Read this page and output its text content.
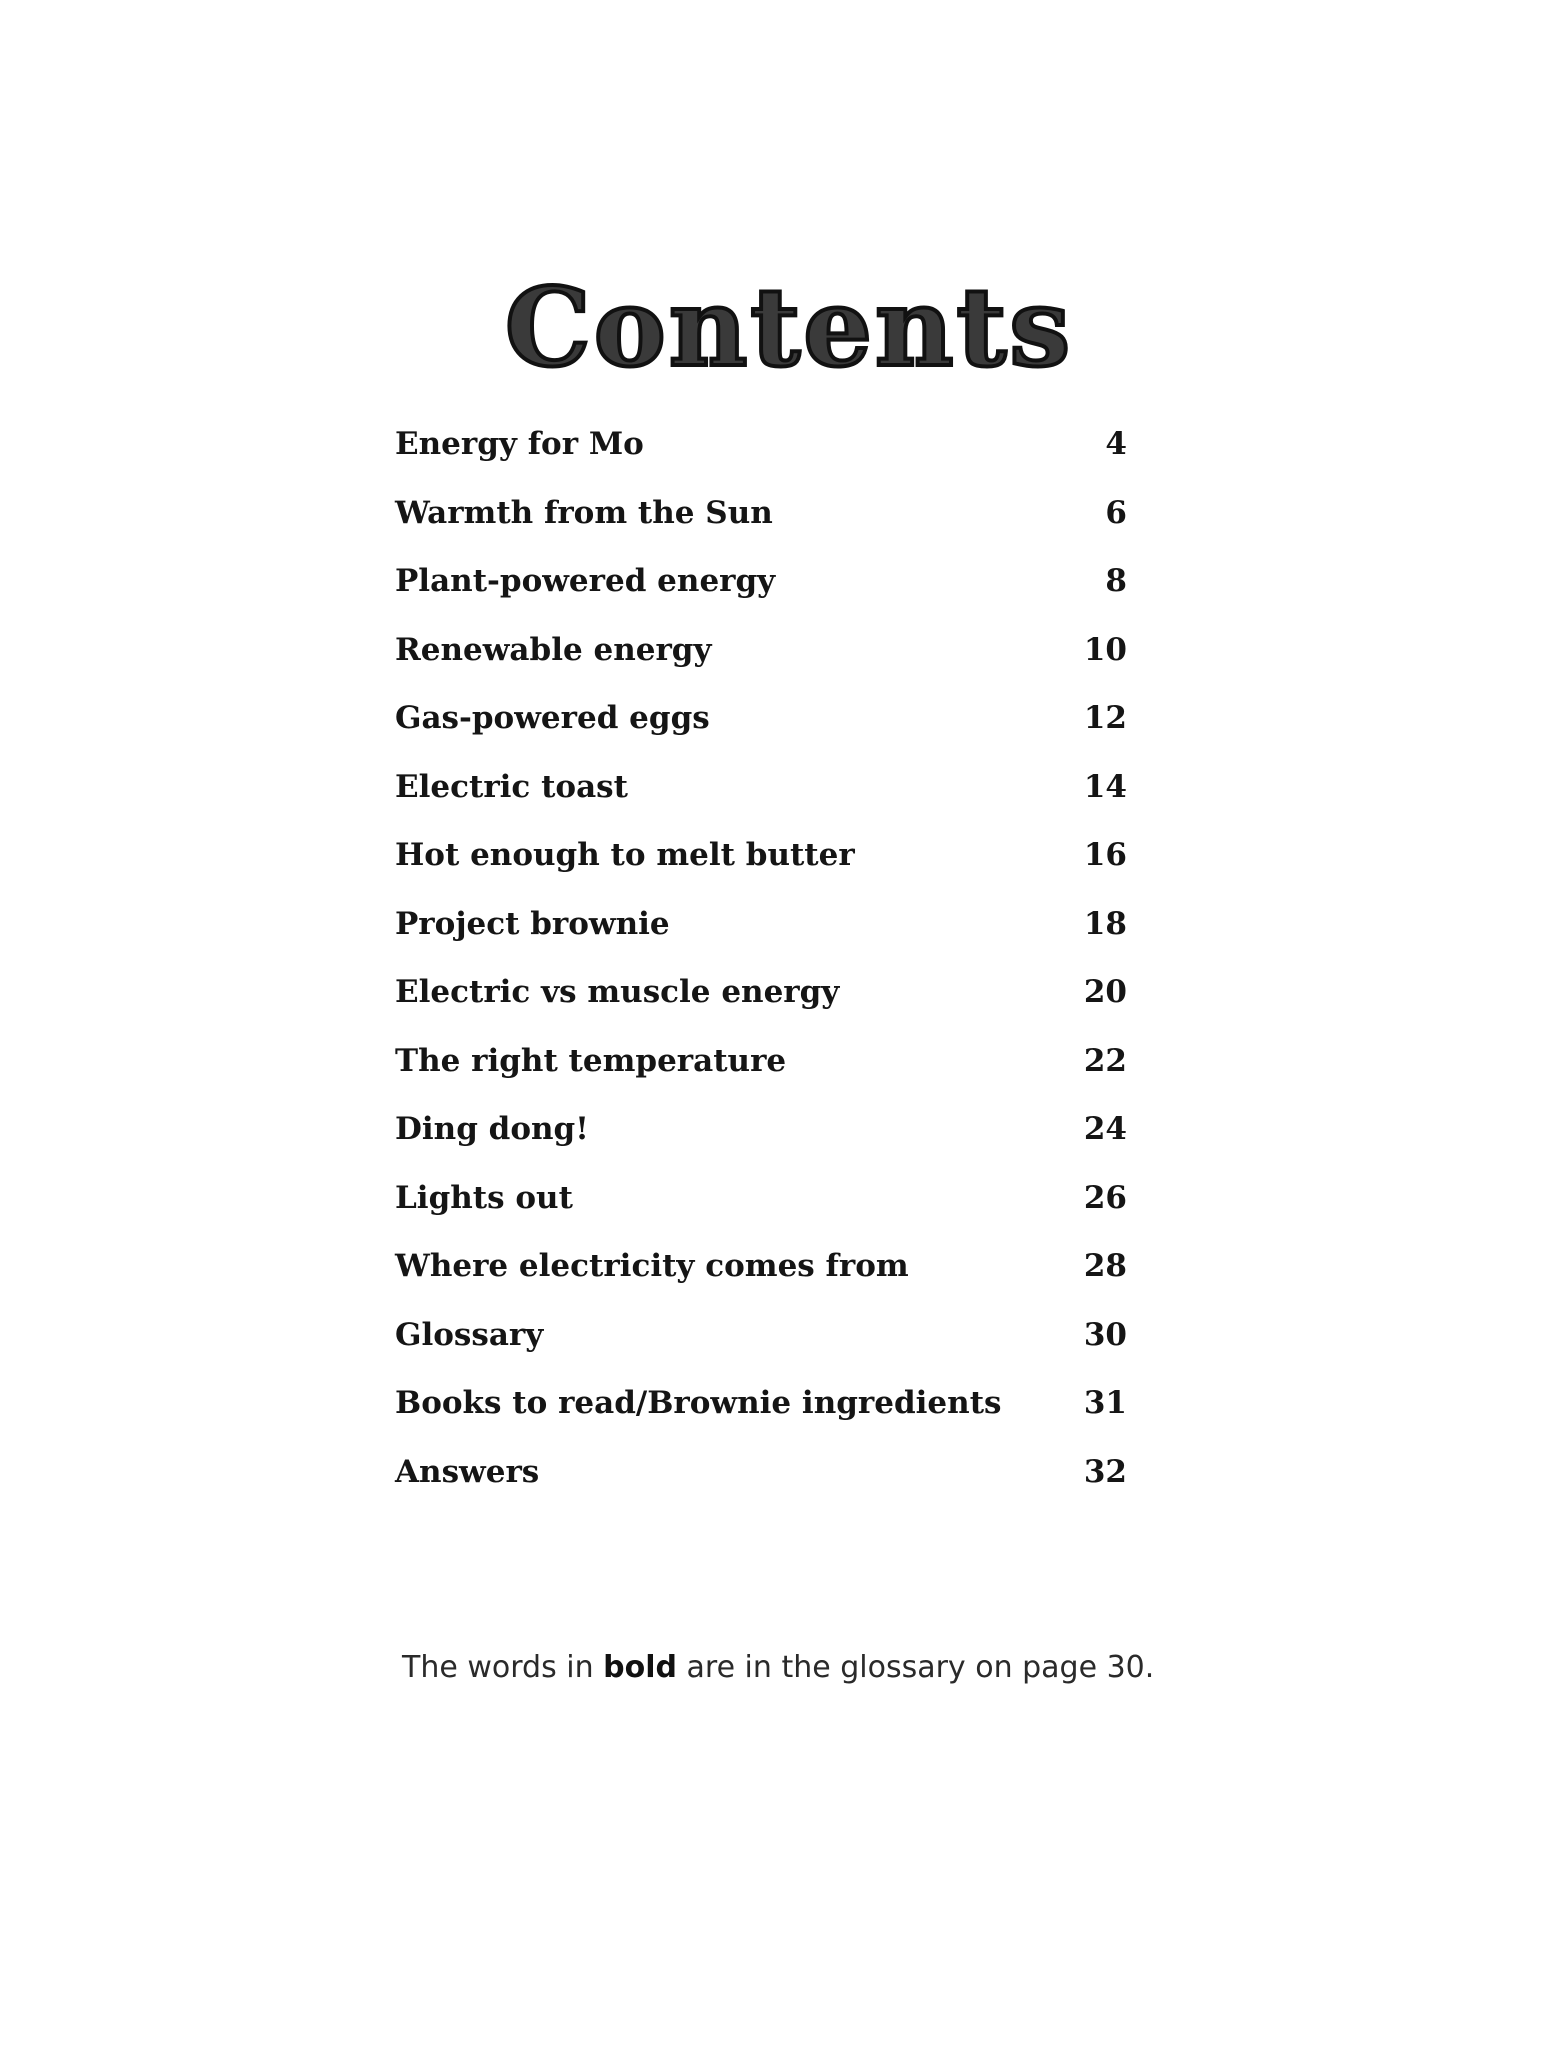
Contents
Energy for Mo	4
Warmth from the Sun	6
Plant-powered energy	8
Renewable energy	10
Gas-powered eggs	12
Electric toast	14
Hot enough to melt butter	16
Project brownie	18
Electric vs muscle energy	20
The right temperature	22
Ding dong!	24
Lights out	26
Where electricity comes from	28
Glossary	30
Books to read/Brownie ingredients	31
Answers	32

The words in bold are in the glossary on page 30.
